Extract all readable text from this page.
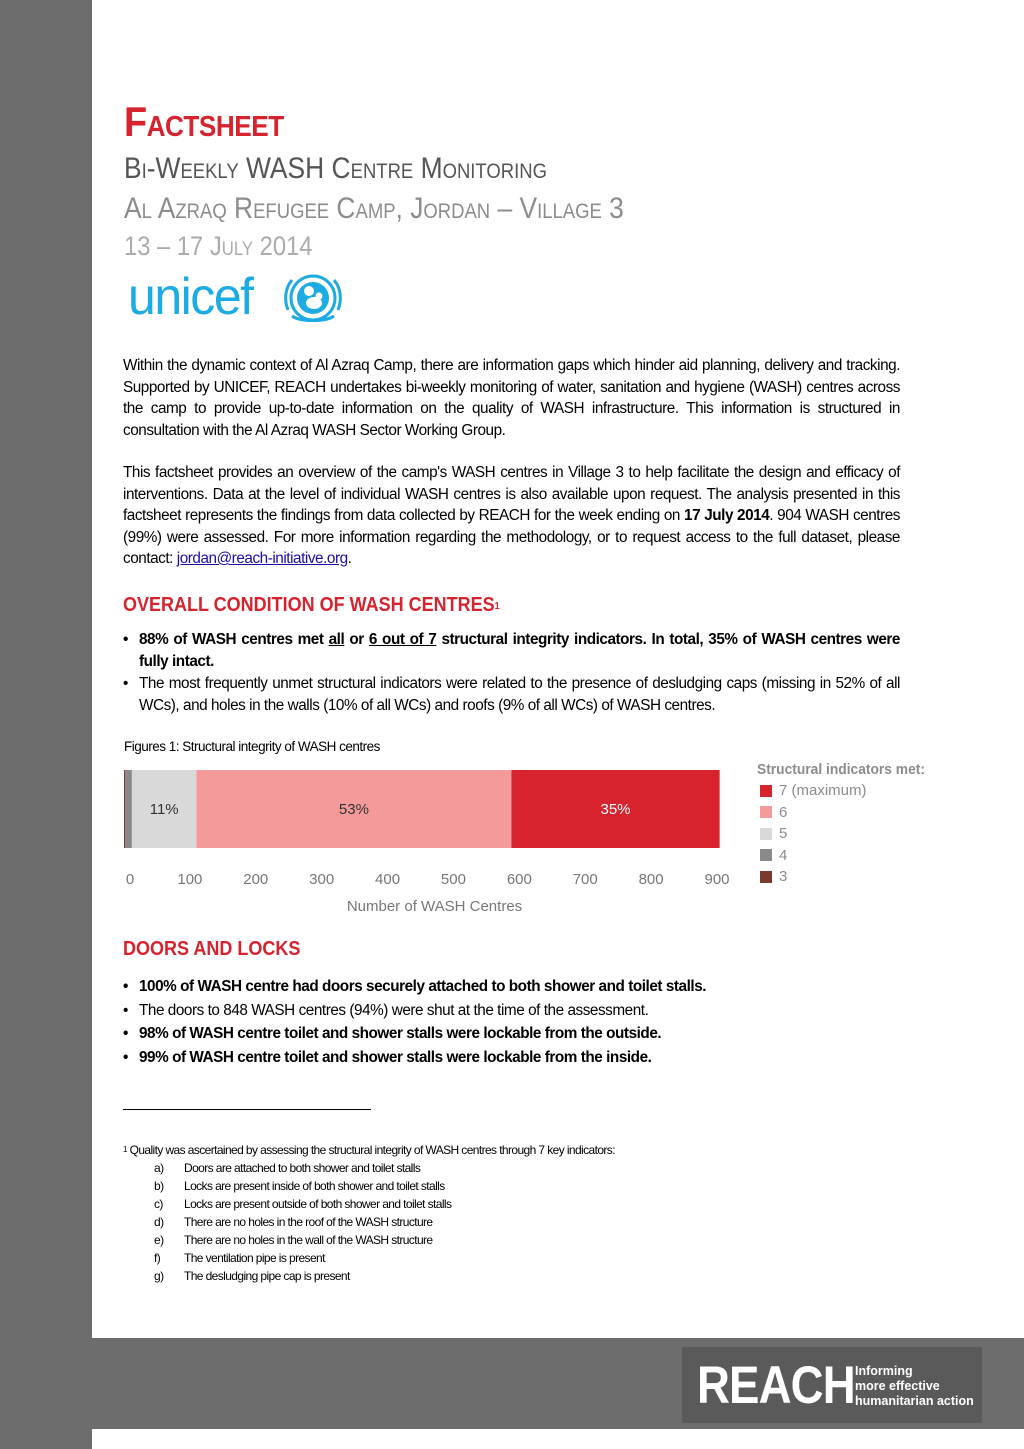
Factsheet
Bi-Weekly WASH Centre Monitoring
Al Azraq Refugee Camp, Jordan – Village 3
13 – 17 July 2014
unicef

Within the dynamic context of Al Azraq Camp, there are information gaps which hinder aid planning, delivery and tracking. Supported by UNICEF, REACH undertakes bi-weekly monitoring of water, sanitation and hygiene (WASH) centres across the camp to provide up-to-date information on the quality of WASH infrastructure. This information is structured in consultation with the Al Azraq WASH Sector Working Group.

This factsheet provides an overview of the camp's WASH centres in Village 3 to help facilitate the design and efficacy of interventions. Data at the level of individual WASH centres is also available upon request. The analysis presented in this factsheet represents the findings from data collected by REACH for the week ending on 17 July 2014. 904 WASH centres (99%) were assessed. For more information regarding the methodology, or to request access to the full dataset, please contact: jordan@reach-initiative.org.

OVERALL CONDITION OF WASH CENTRES$^1$
• 88% of WASH centres met all or 6 out of 7 structural integrity indicators. In total, 35% of WASH centres were fully intact.
• The most frequently unmet structural indicators were related to the presence of desludging caps (missing in 52% of all WCs), and holes in the walls (10% of all WCs) and roofs (9% of all WCs) of WASH centres.
Figures 1: Structural integrity of WASH centres
11%	53%	35%
0	100	200	300	400	500	600	700	800	900
Number of WASH Centres
Structural indicators met:
7 (maximum)
6
5
4
3
DOORS AND LOCKS
• 100% of WASH centre had doors securely attached to both shower and toilet stalls.
• The doors to 848 WASH centres (94%) were shut at the time of the assessment.
• 98% of WASH centre toilet and shower stalls were lockable from the outside.
• 99% of WASH centre toilet and shower stalls were lockable from the inside.
$^1$ Quality was ascertained by assessing the structural integrity of WASH centres through 7 key indicators:
a)	Doors are attached to both shower and toilet stalls
b)	Locks are present inside of both shower and toilet stalls
c)	Locks are present outside of both shower and toilet stalls
d)	There are no holes in the roof of the WASH structure
e)	There are no holes in the wall of the WASH structure
f)	The ventilation pipe is present
g)	The desludging pipe cap is present
REACH Informing
more effective
humanitarian action
